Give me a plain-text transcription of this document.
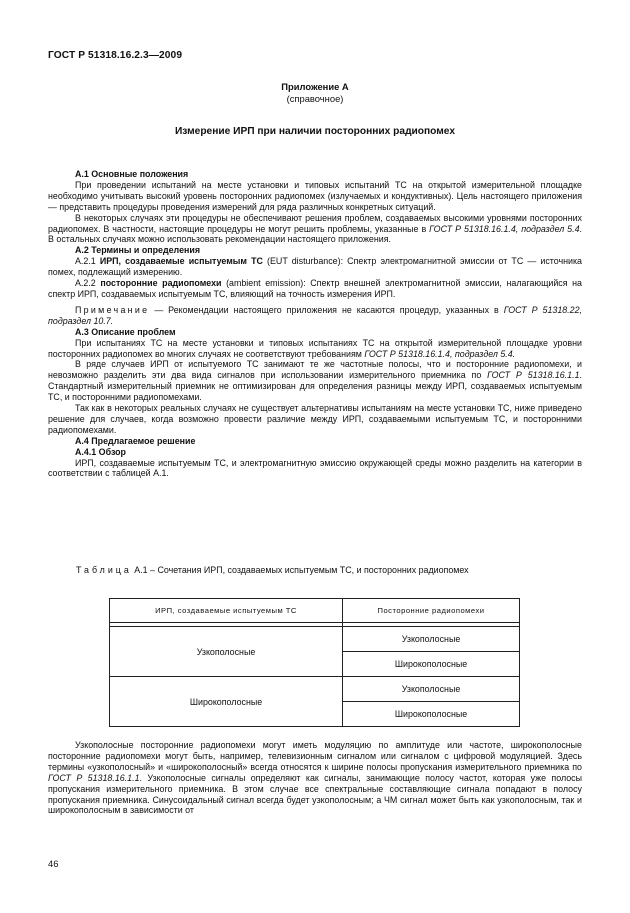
ГОСТ Р 51318.16.2.3—2009
Приложение А
(справочное)
Измерение ИРП при наличии посторонних радиопомех
А.1 Основные положения

При проведении испытаний на месте установки и типовых испытаний ТС на открытой измерительной площадке необходимо учитывать высокий уровень посторонних радиопомех (излучаемых и кондуктивных). Цель настоящего приложения — представить процедуры проведения измерений для ряда различных конкретных ситуаций.

В некоторых случаях эти процедуры не обеспечивают решения проблем, создаваемых высокими уровнями посторонних радиопомех. В частности, настоящие процедуры не могут решить проблемы, указанные в ГОСТ Р 51318.16.1.4, подраздел 5.4. В остальных случаях можно использовать рекомендации настоящего приложения.

А.2 Термины и определения

А.2.1 ИРП, создаваемые испытуемым ТС (EUT disturbance): Спектр электромагнитной эмиссии от ТС — источника помех, подлежащий измерению.

А.2.2 посторонние радиопомехи (ambient emission): Спектр внешней электромагнитной эмиссии, налагающийся на спектр ИРП, создаваемых испытуемым ТС, влияющий на точность измерения ИРП.

Примечание — Рекомендации настоящего приложения не касаются процедур, указанных в ГОСТ Р 51318.22, подраздел 10.7.

А.3 Описание проблем

При испытаниях ТС на месте установки и типовых испытаниях ТС на открытой измерительной площадке уровни посторонних радиопомех во многих случаях не соответствуют требованиям ГОСТ Р 51318.16.1.4, подраздел 5.4.

В ряде случаев ИРП от испытуемого ТС занимают те же частотные полосы, что и посторонние радиопомехи, и невозможно разделить эти два вида сигналов при использовании измерительного приемника по ГОСТ Р 51318.16.1.1. Стандартный измерительный приемник не оптимизирован для определения разницы между ИРП, создаваемых испытуемым ТС, и посторонними радиопомехами.

Так как в некоторых реальных случаях не существует альтернативы испытаниям на месте установки ТС, ниже приведено решение для случаев, когда возможно провести различие между ИРП, создаваемыми испытуемым ТС, и посторонними радиопомехами.

А.4 Предлагаемое решение
А.4.1 Обзор

ИРП, создаваемые испытуемым ТС, и электромагнитную эмиссию окружающей среды можно разделить на категории в соответствии с таблицей А.1.

Таблица А.1 – Сочетания ИРП, создаваемых испытуемым ТС, и посторонних радиопомех
ИРП, создаваемые испытуемым ТС	Посторонние радиопомехи

Узкополосные	Узкополосные
	Широкополосные
Широкополосные	Узкополосные
	Широкополосные

Узкополосные посторонние радиопомехи могут иметь модуляцию по амплитуде или частоте, широкополосные посторонние радиопомехи могут быть, например, телевизионным сигналом или сигналом с цифровой модуляцией. Здесь термины «узкополосный» и «широкополосный» всегда относятся к ширине полосы пропускания измерительного приемника по ГОСТ Р 51318.16.1.1. Узкополосные сигналы определяют как сигналы, занимающие полосу частот, которая уже полосы пропускания измерительного приемника. В этом случае все спектральные составляющие сигнала попадают в полосу пропускания приемника. Синусоидальный сигнал всегда будет узкополосным; а ЧМ сигнал может быть как узкополосным, так и широкополосным в зависимости от

46
